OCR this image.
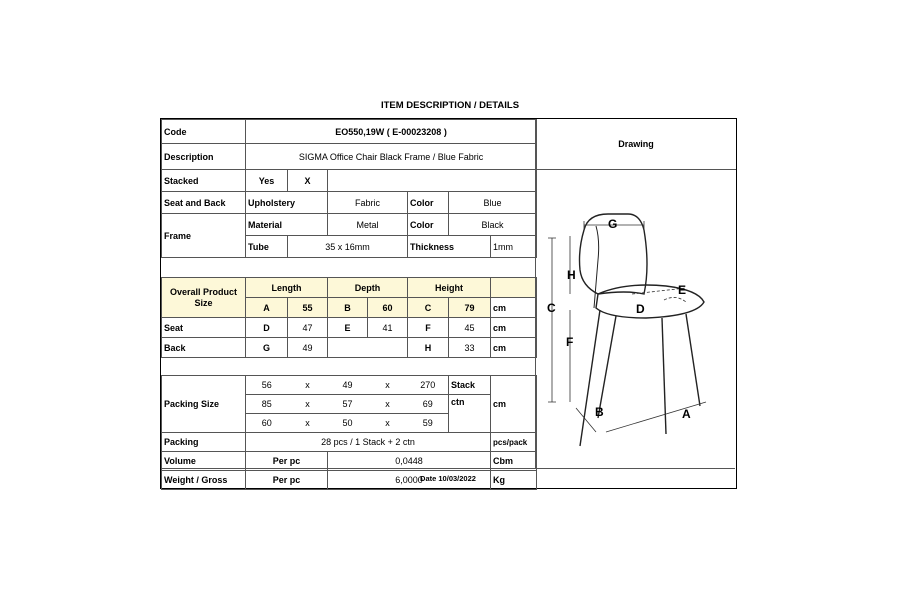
ITEM DESCRIPTION / DETAILS
Code	EO550,19W ( E-00023208 )						
Description	SIGMA Office Chair Black Frame / Blue Fabric						
Stacked	Yes	X					
Seat and Back	Upholstery		Fabric		Color	Blue	
Frame	Material		Metal		Color	Black	
	Tube	35 x 16mm			Thickness		1mm

Overall Product Size	Length		Depth		Height		
	A	55	B	60	C	79	cm
Seat	D	47	E	41	F	45	cm
Back	G	49			H	33	cm

Packing Size	56	x	49	x	270	Stack	cm
	85	x	57	x	69	ctn	
	60	x	50	x	59		
Packing	28 pcs / 1 Stack + 2 ctn						pcs/pack
Volume	Per pc		0,0448				Cbm
Weight / Gross	Per pc		6,0000				Kg
Drawing
C
H
F
G
E
D
B	A
Date 10/03/2022
